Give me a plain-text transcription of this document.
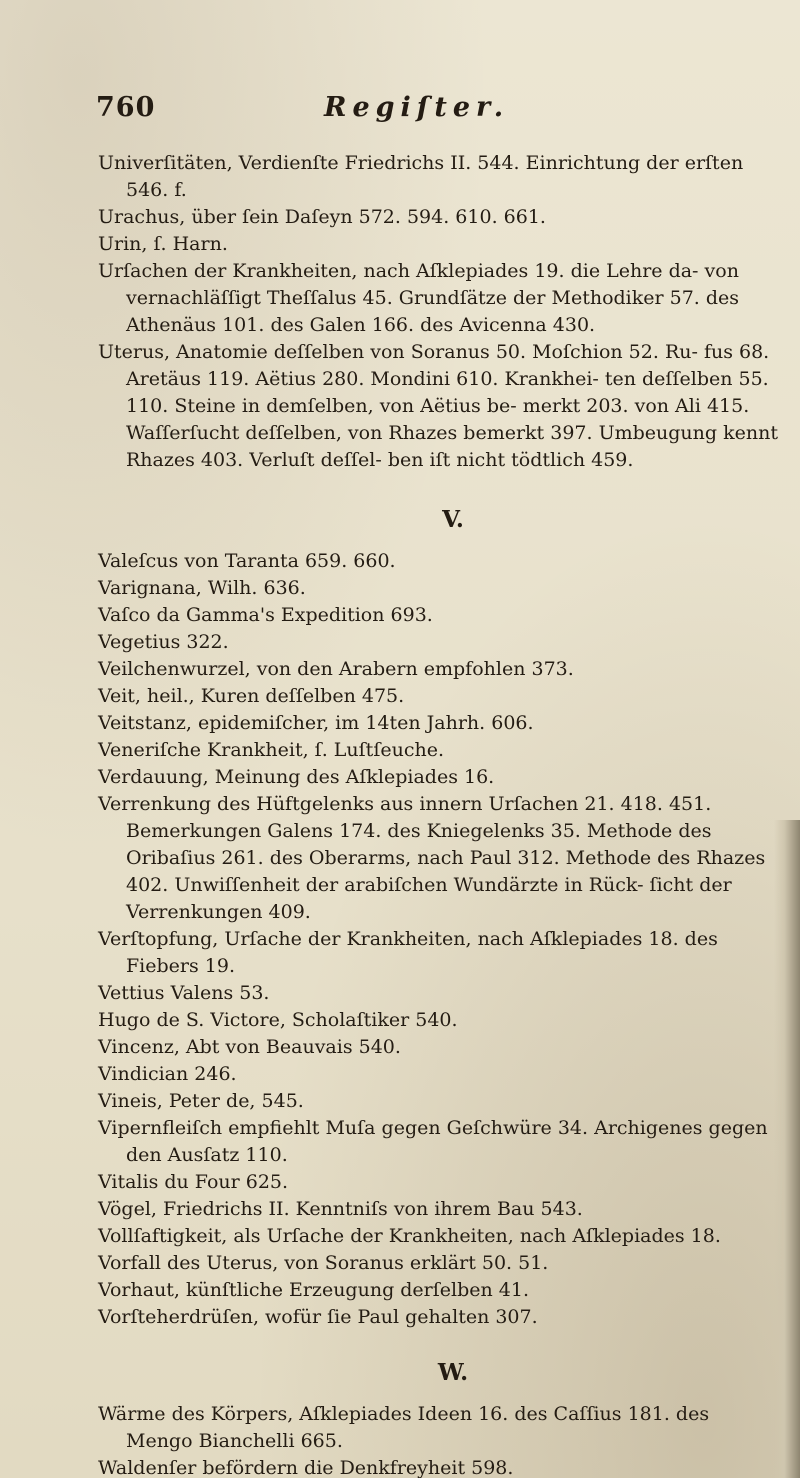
760	Regiſter.

Univerſitäten, Verdienſte Friedrichs II. 544. Einrichtung der erſten 546. f.

Urachus, über ſein Daſeyn 572. 594. 610. 661.

Urin, ſ. Harn.

Urſachen der Krankheiten, nach Aſklepiades 19. die Lehre da- von vernachläſſigt Theſſalus 45. Grundſätze der Methodiker 57. des Athenäus 101. des Galen 166. des Avicenna 430.

Uterus, Anatomie deſſelben von Soranus 50. Moſchion 52. Ru- fus 68. Aretäus 119. Aëtius 280. Mondini 610. Krankhei- ten deſſelben 55. 110. Steine in demſelben, von Aëtius be- merkt 203. von Ali 415. Waſſerſucht deſſelben, von Rhazes bemerkt 397. Umbeugung kennt Rhazes 403. Verluſt deſſel- ben iſt nicht tödtlich 459.

V.

Valeſcus von Taranta 659. 660.

Varignana, Wilh. 636.

Vaſco da Gamma's Expedition 693.

Vegetius 322.

Veilchenwurzel, von den Arabern empfohlen 373.

Veit, heil., Kuren deſſelben 475.

Veitstanz, epidemiſcher, im 14ten Jahrh. 606.

Veneriſche Krankheit, ſ. Luſtſeuche.

Verdauung, Meinung des Aſklepiades 16.

Verrenkung des Hüftgelenks aus innern Urſachen 21. 418. 451. Bemerkungen Galens 174. des Kniegelenks 35. Methode des Oribaſius 261. des Oberarms, nach Paul 312. Methode des Rhazes 402. Unwiſſenheit der arabiſchen Wundärzte in Rück- ſicht der Verrenkungen 409.

Verſtopfung, Urſache der Krankheiten, nach Aſklepiades 18. des Fiebers 19.

Vettius Valens 53.

Hugo de S. Victore, Scholaſtiker 540.

Vincenz, Abt von Beauvais 540.

Vindician 246.

Vineis, Peter de, 545.

Vipernfleiſch empfiehlt Muſa gegen Geſchwüre 34. Archigenes gegen den Ausſatz 110.

Vitalis du Four 625.

Vögel, Friedrichs II. Kenntniſs von ihrem Bau 543.

Vollſaftigkeit, als Urſache der Krankheiten, nach Aſklepiades 18.

Vorfall des Uterus, von Soranus erklärt 50. 51.

Vorhaut, künſtliche Erzeugung derſelben 41.

Vorſteherdrüſen, wofür ſie Paul gehalten 307.

W.

Wärme des Körpers, Aſklepiades Ideen 16. des Caſſius 181. des Mengo Bianchelli 665.

Waldenſer befördern die Denkfreyheit 598.
